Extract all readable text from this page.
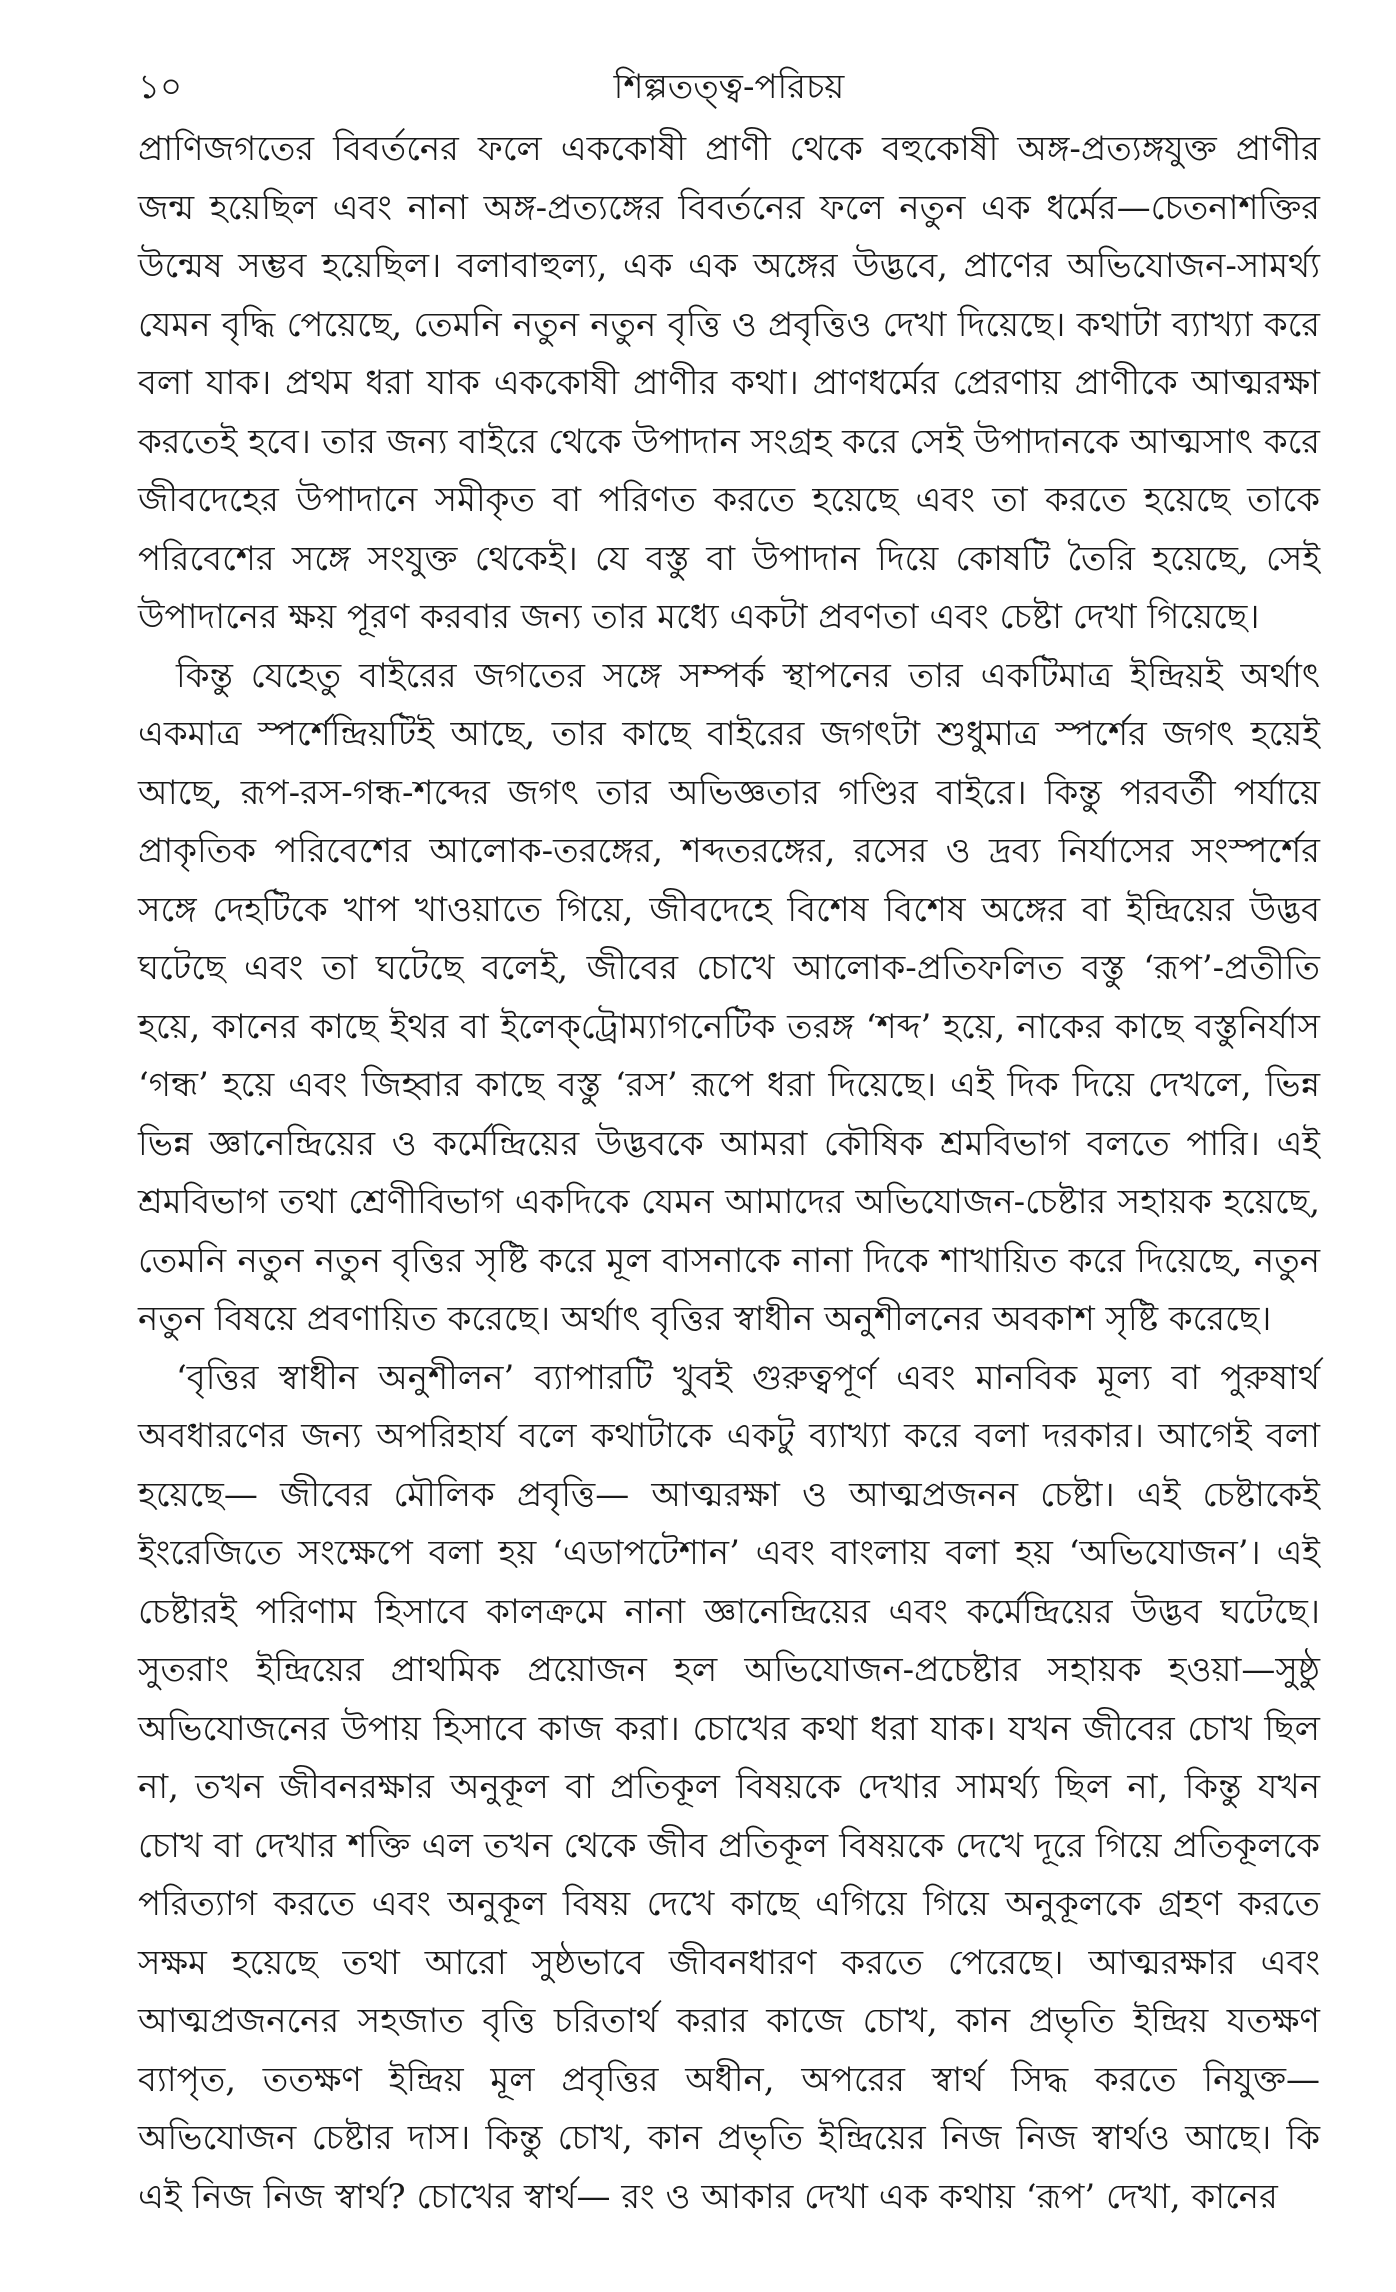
১০	শিল্পতত্ত্ব-পরিচয়

প্রাণিজগতের বিবর্তনের ফলে এককোষী প্রাণী থেকে বহুকোষী অঙ্গ-প্রত্যঙ্গযুক্ত প্রাণীর জন্ম হয়েছিল এবং নানা অঙ্গ-প্রত্যঙ্গের বিবর্তনের ফলে নতুন এক ধর্মের—চেতনাশক্তির উন্মেষ সম্ভব হয়েছিল। বলাবাহুল্য, এক এক অঙ্গের উদ্ভবে, প্রাণের অভিযোজন-সামর্থ্য যেমন বৃদ্ধি পেয়েছে, তেমনি নতুন নতুন বৃত্তি ও প্রবৃত্তিও দেখা দিয়েছে। কথাটা ব্যাখ্যা করে বলা যাক। প্রথম ধরা যাক এককোষী প্রাণীর কথা। প্রাণধর্মের প্রেরণায় প্রাণীকে আত্মরক্ষা করতেই হবে। তার জন্য বাইরে থেকে উপাদান সংগ্রহ করে সেই উপাদানকে আত্মসাৎ করে জীবদেহের উপাদানে সমীকৃত বা পরিণত করতে হয়েছে এবং তা করতে হয়েছে তাকে পরিবেশের সঙ্গে সংযুক্ত থেকেই। যে বস্তু বা উপাদান দিয়ে কোষটি তৈরি হয়েছে, সেই উপাদানের ক্ষয় পূরণ করবার জন্য তার মধ্যে একটা প্রবণতা এবং চেষ্টা দেখা গিয়েছে।

কিন্তু যেহেতু বাইরের জগতের সঙ্গে সম্পর্ক স্থাপনের তার একটিমাত্র ইন্দ্রিয়ই অর্থাৎ একমাত্র স্পর্শেন্দ্রিয়টিই আছে, তার কাছে বাইরের জগৎটা শুধুমাত্র স্পর্শের জগৎ হয়েই আছে, রূপ-রস-গন্ধ-শব্দের জগৎ তার অভিজ্ঞতার গণ্ডির বাইরে। কিন্তু পরবর্তী পর্যায়ে প্রাকৃতিক পরিবেশের আলোক-তরঙ্গের, শব্দতরঙ্গের, রসের ও দ্রব্য নির্যাসের সংস্পর্শের সঙ্গে দেহটিকে খাপ খাওয়াতে গিয়ে, জীবদেহে বিশেষ বিশেষ অঙ্গের বা ইন্দ্রিয়ের উদ্ভব ঘটেছে এবং তা ঘটেছে বলেই, জীবের চোখে আলোক-প্রতিফলিত বস্তু ‘রূপ’-প্রতীতি হয়ে, কানের কাছে ইথর বা ইলেক্‌ট্রোম্যাগনেটিক তরঙ্গ ‘শব্দ’ হয়ে, নাকের কাছে বস্তুনির্যাস ‘গন্ধ’ হয়ে এবং জিহ্বার কাছে বস্তু ‘রস’ রূপে ধরা দিয়েছে। এই দিক দিয়ে দেখলে, ভিন্ন ভিন্ন জ্ঞানেন্দ্রিয়ের ও কর্মেন্দ্রিয়ের উদ্ভবকে আমরা কৌষিক শ্রমবিভাগ বলতে পারি। এই শ্রমবিভাগ তথা শ্রেণীবিভাগ একদিকে যেমন আমাদের অভিযোজন-চেষ্টার সহায়ক হয়েছে, তেমনি নতুন নতুন বৃত্তির সৃষ্টি করে মূল বাসনাকে নানা দিকে শাখায়িত করে দিয়েছে, নতুন নতুন বিষয়ে প্রবণায়িত করেছে। অর্থাৎ বৃত্তির স্বাধীন অনুশীলনের অবকাশ সৃষ্টি করেছে।

‘বৃত্তির স্বাধীন অনুশীলন’ ব্যাপারটি খুবই গুরুত্বপূর্ণ এবং মানবিক মূল্য বা পুরুষার্থ অবধারণের জন্য অপরিহার্য বলে কথাটাকে একটু ব্যাখ্যা করে বলা দরকার। আগেই বলা হয়েছে— জীবের মৌলিক প্রবৃত্তি— আত্মরক্ষা ও আত্মপ্রজনন চেষ্টা। এই চেষ্টাকেই ইংরেজিতে সংক্ষেপে বলা হয় ‘এডাপটেশান’ এবং বাংলায় বলা হয় ‘অভিযোজন’। এই চেষ্টারই পরিণাম হিসাবে কালক্রমে নানা জ্ঞানেন্দ্রিয়ের এবং কর্মেন্দ্রিয়ের উদ্ভব ঘটেছে। সুতরাং ইন্দ্রিয়ের প্রাথমিক প্রয়োজন হল অভিযোজন-প্রচেষ্টার সহায়ক হওয়া—সুষ্ঠু অভিযোজনের উপায় হিসাবে কাজ করা। চোখের কথা ধরা যাক। যখন জীবের চোখ ছিল না, তখন জীবনরক্ষার অনুকূল বা প্রতিকূল বিষয়কে দেখার সামর্থ্য ছিল না, কিন্তু যখন চোখ বা দেখার শক্তি এল তখন থেকে জীব প্রতিকূল বিষয়কে দেখে দূরে গিয়ে প্রতিকূলকে পরিত্যাগ করতে এবং অনুকূল বিষয় দেখে কাছে এগিয়ে গিয়ে অনুকূলকে গ্রহণ করতে সক্ষম হয়েছে তথা আরো সুষ্ঠভাবে জীবনধারণ করতে পেরেছে। আত্মরক্ষার এবং আত্মপ্রজননের সহজাত বৃত্তি চরিতার্থ করার কাজে চোখ, কান প্রভৃতি ইন্দ্রিয় যতক্ষণ ব্যাপৃত, ততক্ষণ ইন্দ্রিয় মূল প্রবৃত্তির অধীন, অপরের স্বার্থ সিদ্ধ করতে নিযুক্ত— অভিযোজন চেষ্টার দাস। কিন্তু চোখ, কান প্রভৃতি ইন্দ্রিয়ের নিজ নিজ স্বার্থও আছে। কি এই নিজ নিজ স্বার্থ? চোখের স্বার্থ— রং ও আকার দেখা এক কথায় ‘রূপ’ দেখা, কানের
